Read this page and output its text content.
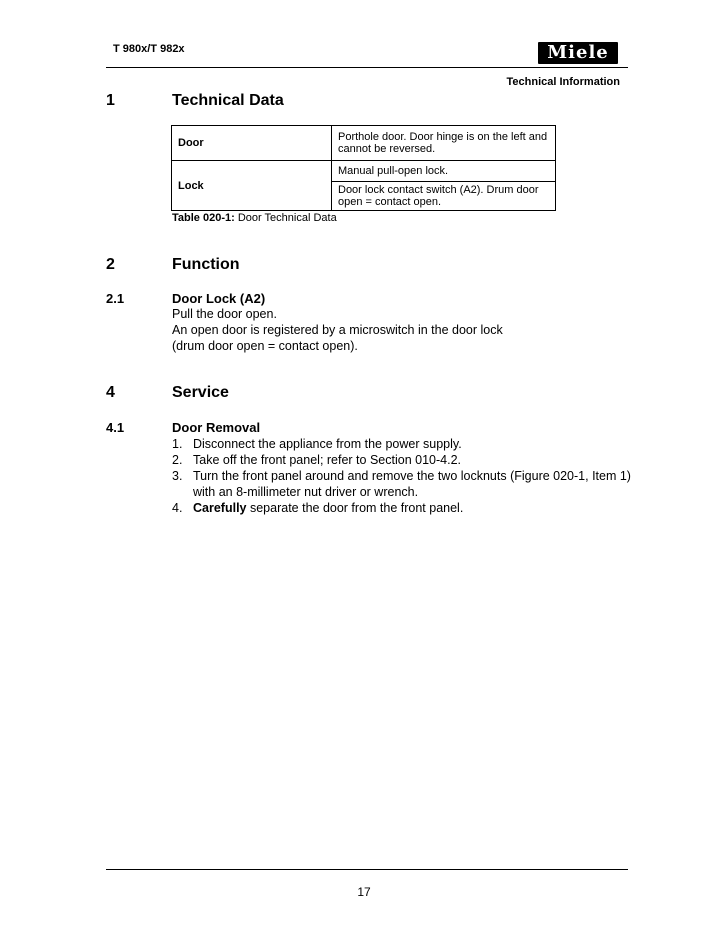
T 980x/T 982x	Miele
Technical Information
1	Technical Data
Door	Porthole door. Door hinge is on the left and cannot be reversed.
Lock	Manual pull-open lock.
	Door lock contact switch (A2). Drum door open = contact open.
Table 020-1: Door Technical Data
2	Function
2.1	Door Lock (A2)
Pull the door open.
An open door is registered by a microswitch in the door lock
(drum door open = contact open).
4	Service
4.1	Door Removal
1. Disconnect the appliance from the power supply.
2. Take off the front panel; refer to Section 010-4.2.
3. Turn the front panel around and remove the two locknuts (Figure 020-1, Item 1) with an 8-millimeter nut driver or wrench.
4. Carefully separate the door from the front panel.
17
